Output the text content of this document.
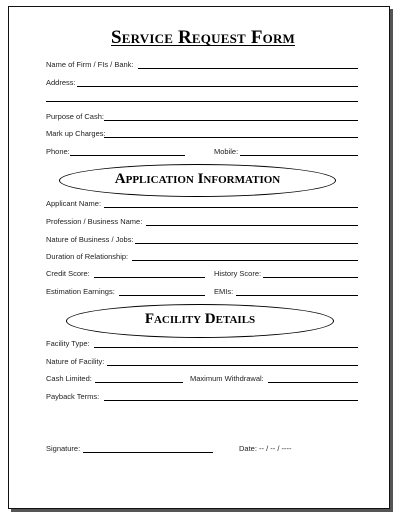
Service Request Form
Name of Firm / FIs / Bank:
Address:
Purpose of Cash:
Mark up Charges:
Phone:	Mobile:
Application Information
Applicant Name:
Profession / Business Name:
Nature of Business / Jobs:
Duration of Relationship:
Credit Score:	History Score:
Estimation Earnings:	EMIs:
Facility Details
Facility Type:
Nature of Facility:
Cash Limited:	Maximum Withdrawal:
Payback Terms:
Signature:	Date: -- / -- / ----
